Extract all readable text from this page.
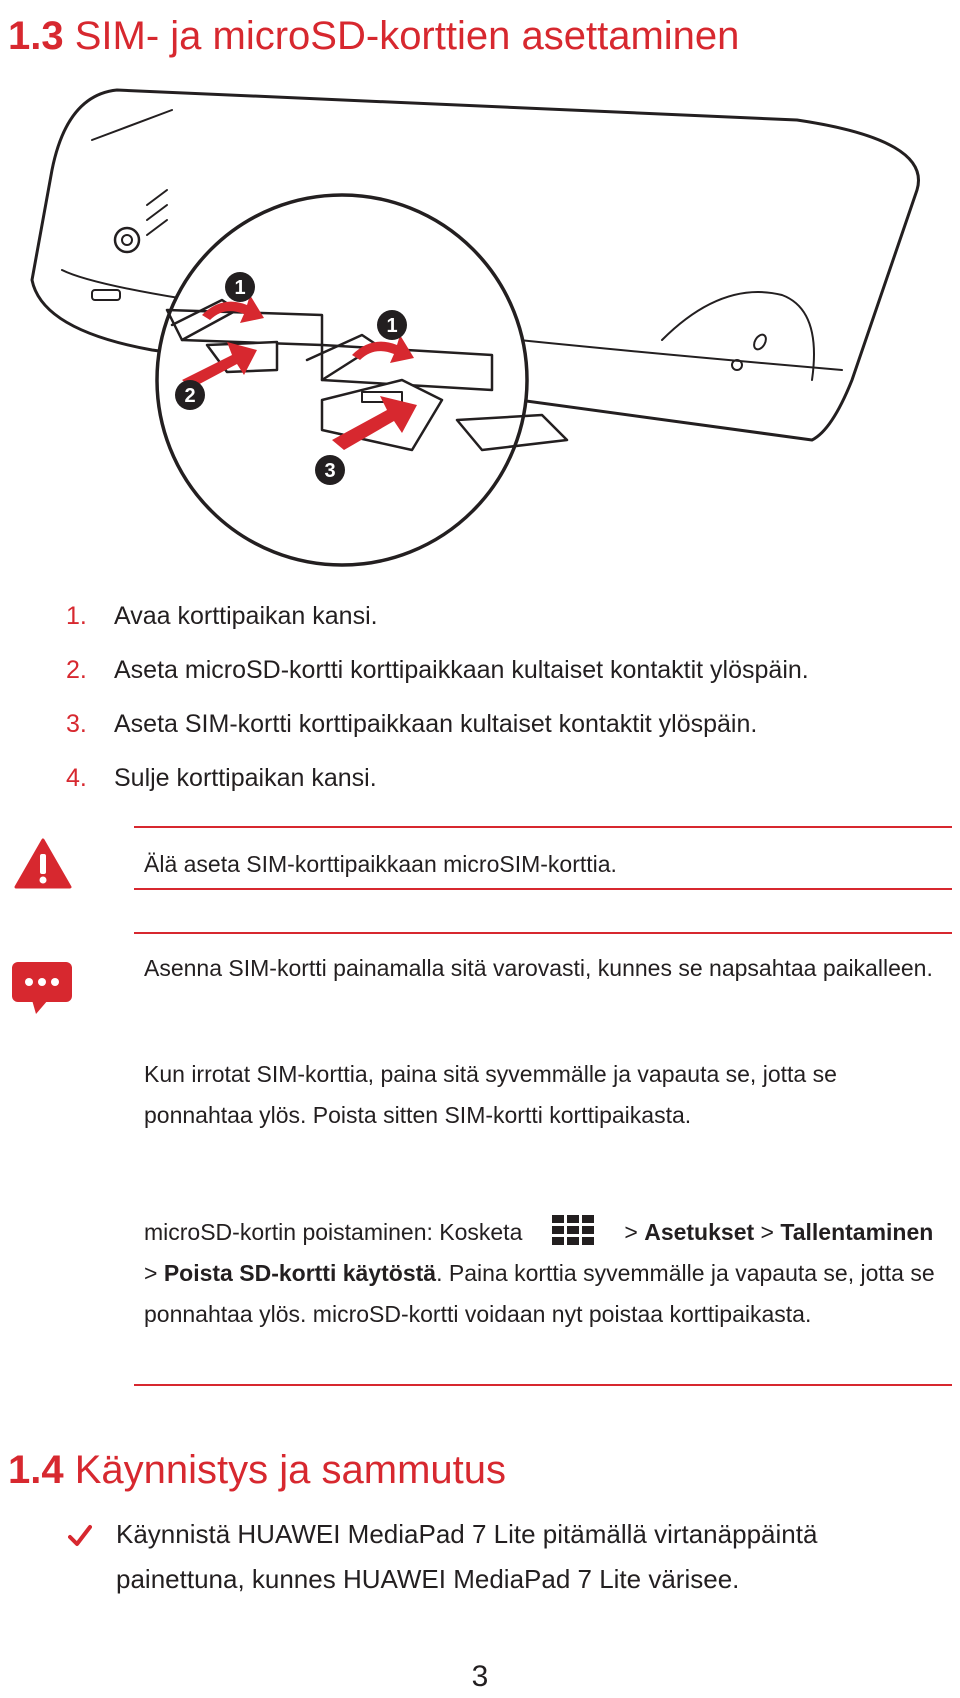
1.3 SIM- ja microSD-korttien asettaminen
1
1
2
3
1. Avaa korttipaikan kansi.
2. Aseta microSD-kortti korttipaikkaan kultaiset kontaktit ylöspäin.
3. Aseta SIM-kortti korttipaikkaan kultaiset kontaktit ylöspäin.
4. Sulje korttipaikan kansi.

Älä aseta SIM-korttipaikkaan microSIM-korttia.

Asenna SIM-kortti painamalla sitä varovasti, kunnes se napsahtaa paikalleen.

Kun irrotat SIM-korttia, paina sitä syvemmälle ja vapauta se, jotta se ponnahtaa ylös. Poista sitten SIM-kortti korttipaikasta.

microSD-kortin poistaminen: Kosketa	> Asetukset > Tallentaminen > Poista SD-kortti käytöstä. Paina korttia syvemmälle ja vapauta se, jotta se ponnahtaa ylös. microSD-kortti voidaan nyt poistaa korttipaikasta.

1.4 Käynnistys ja sammutus

Käynnistä HUAWEI MediaPad 7 Lite pitämällä virtanäppäintä painettuna, kunnes HUAWEI MediaPad 7 Lite värisee.

3
